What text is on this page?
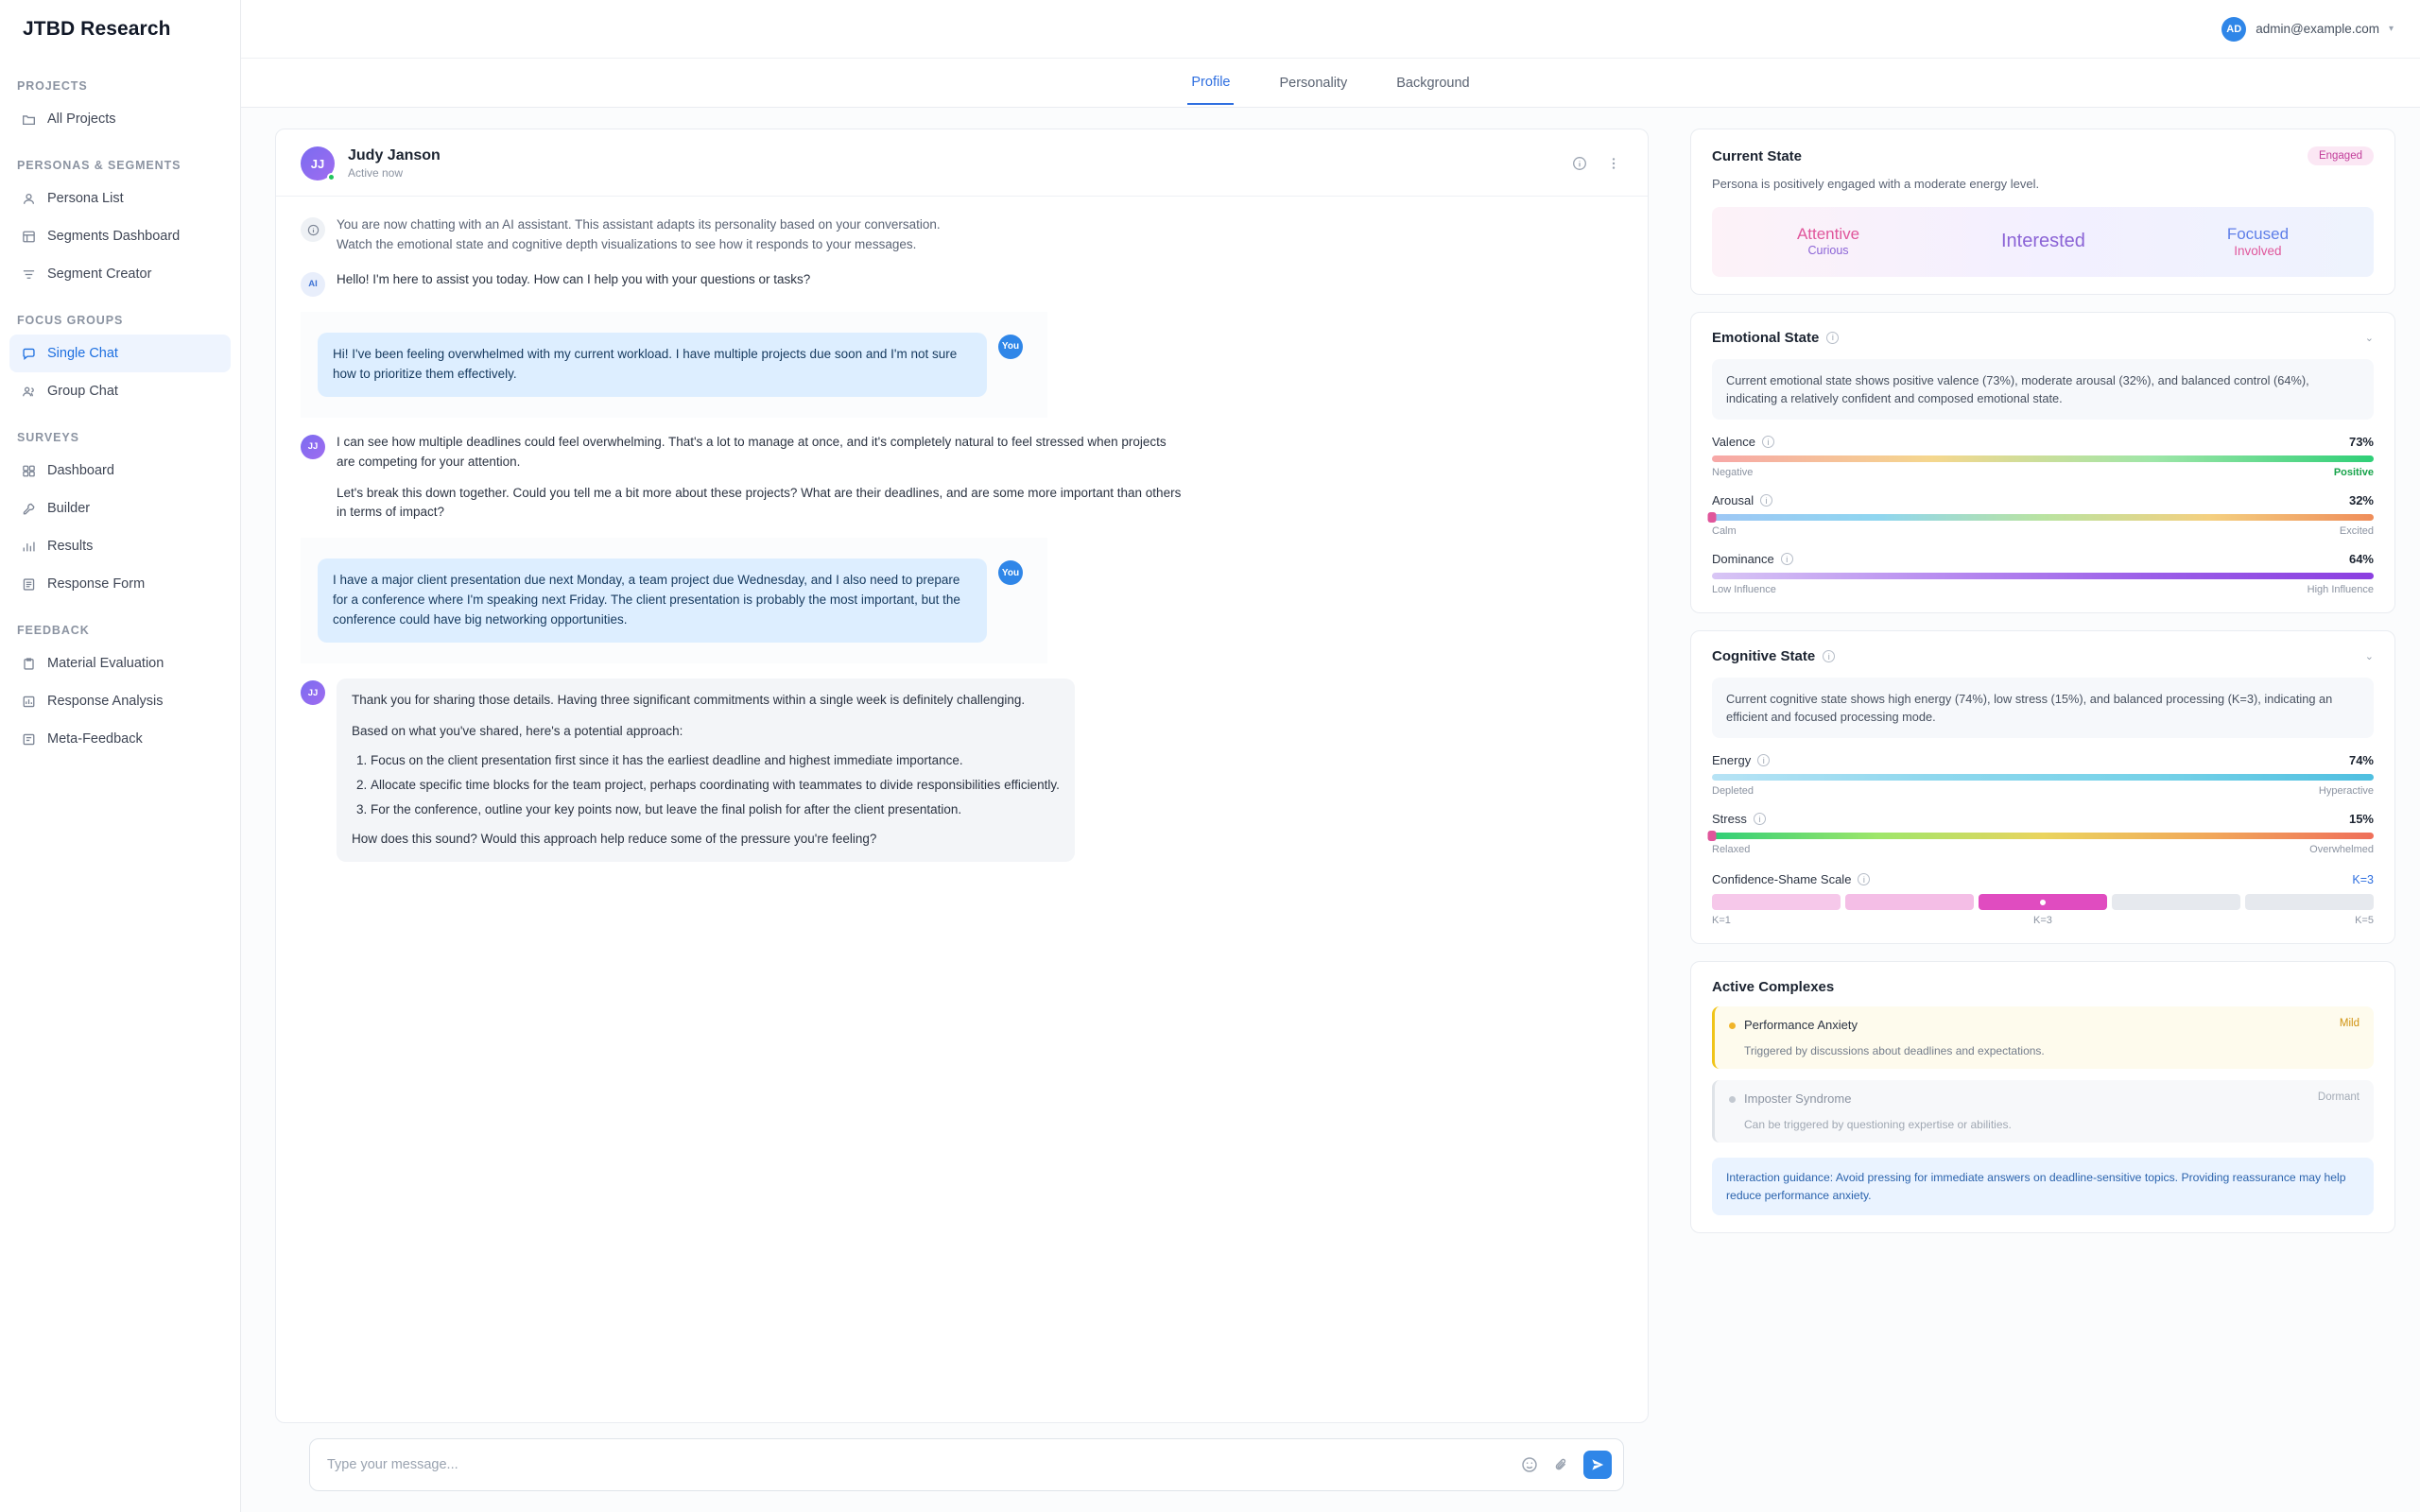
JTBD Research
PROJECTS
All Projects
PERSONAS & SEGMENTS
Persona List
Segments Dashboard
Segment Creator
FOCUS GROUPS
Single Chat
Group Chat
SURVEYS
Dashboard
Builder
Results
Response Form
FEEDBACK
Material Evaluation
Response Analysis
Meta-Feedback
AD	admin@example.com ▾
Profile	Personality	Background
JJ Judy Janson
Active now
You are now chatting with an AI assistant. This assistant adapts its personality based on your conversation.
Watch the emotional state and cognitive depth visualizations to see how it responds to your messages.
AI	Hello! I'm here to assist you today. How can I help you with your questions or tasks?
Hi! I've been feeling overwhelmed with my current workload. I have multiple projects due soon and I'm not sure how to prioritize them effectively.
You
JJ	I can see how multiple deadlines could feel overwhelming. That's a lot to manage at once, and it's completely natural to feel stressed when projects are competing for your attention.

Let's break this down together. Could you tell me a bit more about these projects? What are their deadlines, and are some more important than others in terms of impact?

I have a major client presentation due next Monday, a team project due Wednesday, and I also need to prepare for a conference where I'm speaking next Friday. The client presentation is probably the most important, but the conference could have big networking opportunities.
You
JJ	Thank you for sharing those details. Having three significant commitments within a single week is definitely challenging.

Based on what you've shared, here's a potential approach:

1. Focus on the client presentation first since it has the earliest deadline and highest immediate importance.
2. Allocate specific time blocks for the team project, perhaps coordinating with teammates to divide responsibilities efficiently.
3. For the conference, outline your key points now, but leave the final polish for after the client presentation.

How does this sound? Would this approach help reduce some of the pressure you're feeling?

Type your message...
Current State	Engaged
Persona is positively engaged with a moderate energy level.
Attentive
Curious	Interested	Focused
Involved
Emotional State	i	⌄
Current emotional state shows positive valence (73%), moderate arousal (32%), and balanced control (64%), indicating a relatively confident and composed emotional state.
Valence	i	73%
Negative	Positive
Arousal	i	32%
Calm	Excited
Dominance	i	64%
Low Influence	High Influence
Cognitive State	i	⌄
Current cognitive state shows high energy (74%), low stress (15%), and balanced processing (K=3), indicating an efficient and focused processing mode.
Energy	i	74%
Depleted	Hyperactive
Stress	i	15%
Relaxed	Overwhelmed
Confidence-Shame Scale	i	K=3
K=1	K=3	K=5
Active Complexes
Performance Anxiety	Mild
Triggered by discussions about deadlines and expectations.
Imposter Syndrome	Dormant
Can be triggered by questioning expertise or abilities.
Interaction guidance: Avoid pressing for immediate answers on deadline-sensitive topics. Providing reassurance may help reduce performance anxiety.
